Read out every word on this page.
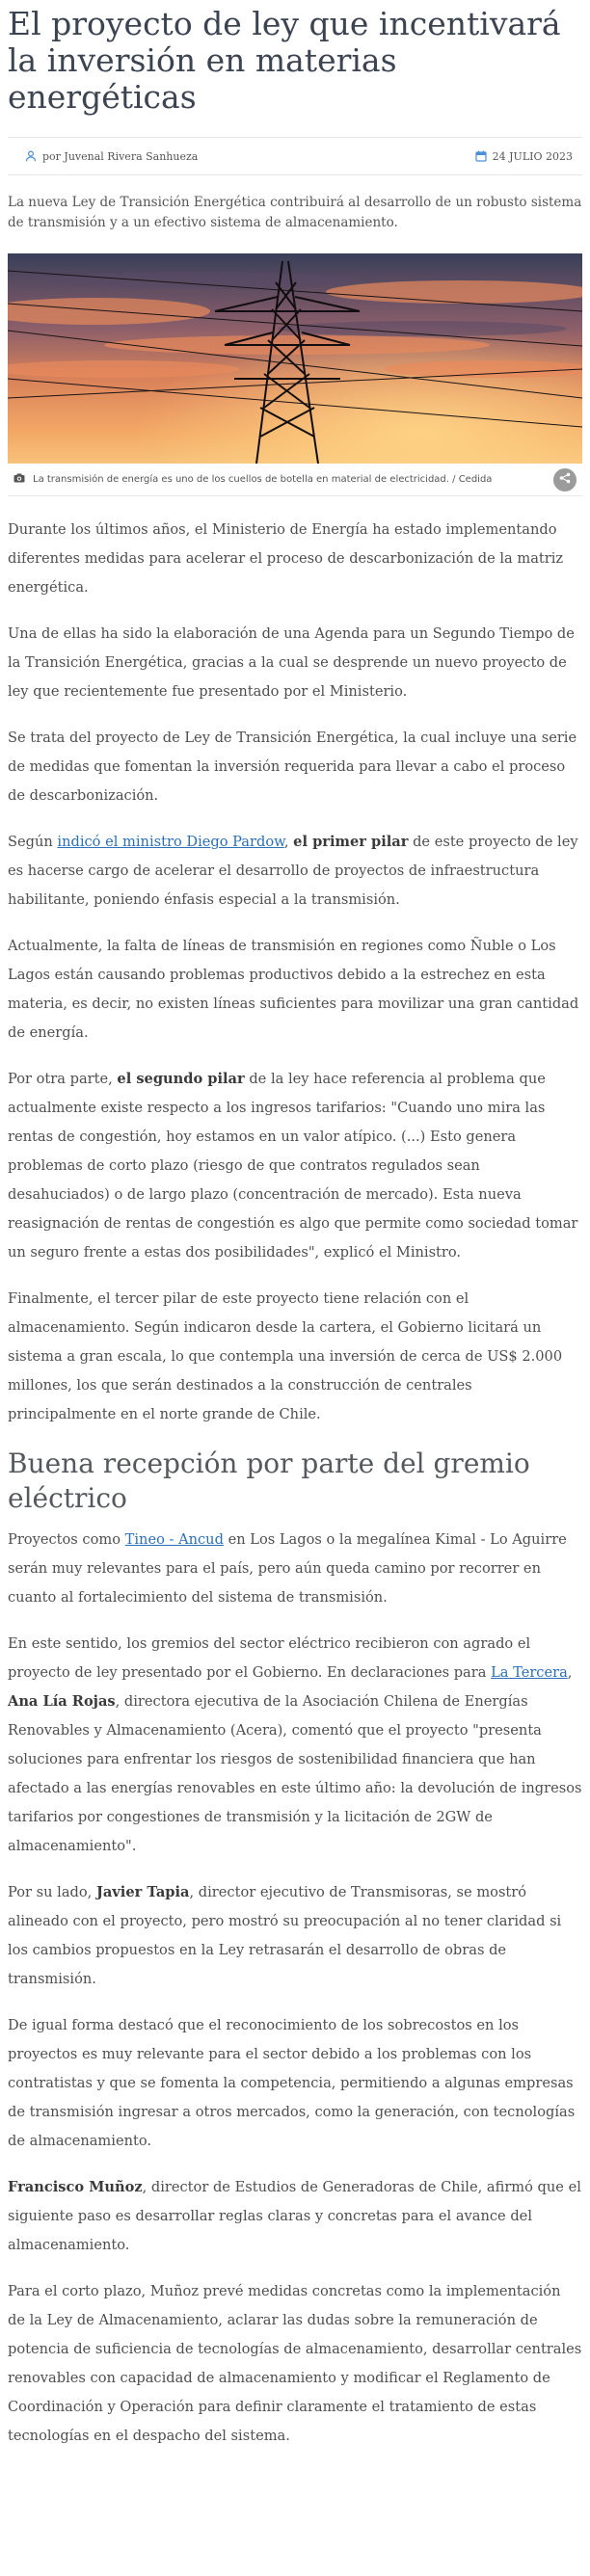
El proyecto de ley que incentivará la inversión en materias energéticas
por Juvenal Rivera Sanhueza	24 JULIO 2023

La nueva Ley de Transición Energética contribuirá al desarrollo de un robusto sistema de transmisión y a un efectivo sistema de almacenamiento.

La transmisión de energía es uno de los cuellos de botella en material de electricidad. / Cedida

Durante los últimos años, el Ministerio de Energía ha estado implementando diferentes medidas para acelerar el proceso de descarbonización de la matriz energética.

Una de ellas ha sido la elaboración de una Agenda para un Segundo Tiempo de la Transición Energética, gracias a la cual se desprende un nuevo proyecto de ley que recientemente fue presentado por el Ministerio.

Se trata del proyecto de Ley de Transición Energética, la cual incluye una serie de medidas que fomentan la inversión requerida para llevar a cabo el proceso de descarbonización.

Según indicó el ministro Diego Pardow, el primer pilar de este proyecto de ley es hacerse cargo de acelerar el desarrollo de proyectos de infraestructura habilitante, poniendo énfasis especial a la transmisión.

Actualmente, la falta de líneas de transmisión en regiones como Ñuble o Los Lagos están causando problemas productivos debido a la estrechez en esta materia, es decir, no existen líneas suficientes para movilizar una gran cantidad de energía.

Por otra parte, el segundo pilar de la ley hace referencia al problema que actualmente existe respecto a los ingresos tarifarios: "Cuando uno mira las rentas de congestión, hoy estamos en un valor atípico. (...) Esto genera problemas de corto plazo (riesgo de que contratos regulados sean desahuciados) o de largo plazo (concentración de mercado). Esta nueva reasignación de rentas de congestión es algo que permite como sociedad tomar un seguro frente a estas dos posibilidades", explicó el Ministro.

Finalmente, el tercer pilar de este proyecto tiene relación con el almacenamiento. Según indicaron desde la cartera, el Gobierno licitará un sistema a gran escala, lo que contempla una inversión de cerca de US$ 2.000 millones, los que serán destinados a la construcción de centrales principalmente en el norte grande de Chile.

Buena recepción por parte del gremio eléctrico

Proyectos como Tineo - Ancud en Los Lagos o la megalínea Kimal - Lo Aguirre serán muy relevantes para el país, pero aún queda camino por recorrer en cuanto al fortalecimiento del sistema de transmisión.

En este sentido, los gremios del sector eléctrico recibieron con agrado el proyecto de ley presentado por el Gobierno. En declaraciones para La Tercera, Ana Lía Rojas, directora ejecutiva de la Asociación Chilena de Energías Renovables y Almacenamiento (Acera), comentó que el proyecto "presenta soluciones para enfrentar los riesgos de sostenibilidad financiera que han afectado a las energías renovables en este último año: la devolución de ingresos tarifarios por congestiones de transmisión y la licitación de 2GW de almacenamiento".

Por su lado, Javier Tapia, director ejecutivo de Transmisoras, se mostró alineado con el proyecto, pero mostró su preocupación al no tener claridad si los cambios propuestos en la Ley retrasarán el desarrollo de obras de transmisión.

De igual forma destacó que el reconocimiento de los sobrecostos en los proyectos es muy relevante para el sector debido a los problemas con los contratistas y que se fomenta la competencia, permitiendo a algunas empresas de transmisión ingresar a otros mercados, como la generación, con tecnologías de almacenamiento.

Francisco Muñoz, director de Estudios de Generadoras de Chile, afirmó que el siguiente paso es desarrollar reglas claras y concretas para el avance del almacenamiento.

Para el corto plazo, Muñoz prevé medidas concretas como la implementación de la Ley de Almacenamiento, aclarar las dudas sobre la remuneración de potencia de suficiencia de tecnologías de almacenamiento, desarrollar centrales renovables con capacidad de almacenamiento y modificar el Reglamento de Coordinación y Operación para definir claramente el tratamiento de estas tecnologías en el despacho del sistema.
